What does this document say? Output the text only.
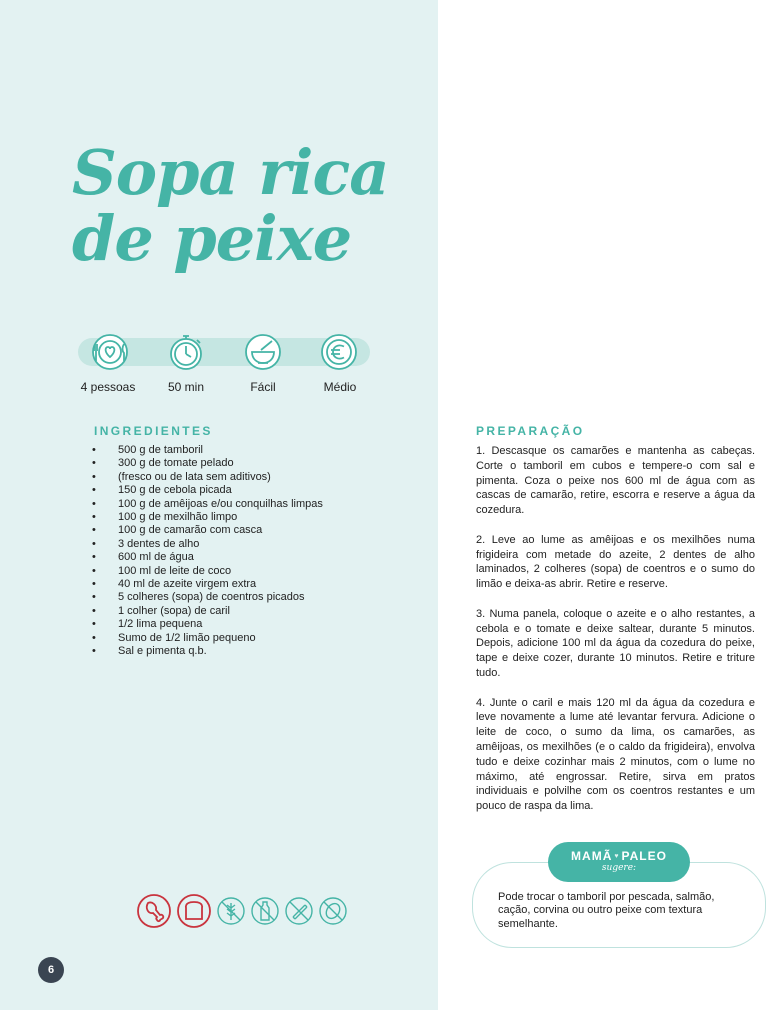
Sopa rica
de peixe
4 pessoas	50 min	Fácil	Médio
INGREDIENTES
• 500 g de tamboril
• 300 g de tomate pelado
• (fresco ou de lata sem aditivos)
• 150 g de cebola picada
• 100 g de amêijoas e/ou conquilhas limpas
• 100 g de mexilhão limpo
• 100 g de camarão com casca
• 3 dentes de alho
• 600 ml de água
• 100 ml de leite de coco
• 40 ml de azeite virgem extra
• 5 colheres (sopa) de coentros picados
• 1 colher (sopa) de caril
• 1/2 lima pequena
• Sumo de 1/2 limão pequeno
• Sal e pimenta q.b.
PREPARAÇÃO

1. Descasque os camarões e mantenha as cabeças. Corte o tamboril em cubos e tempere-o com sal e pimenta. Coza o peixe nos 600 ml de água com as cascas de camarão, retire, escorra e reserve a água da cozedura.

2. Leve ao lume as amêijoas e os mexilhões numa frigideira com metade do azeite, 2 dentes de alho laminados, 2 colheres (sopa) de coentros e o sumo do limão e deixa-as abrir. Retire e reserve.

3. Numa panela, coloque o azeite e o alho restantes, a cebola e o tomate e deixe saltear, durante 5 minutos. Depois, adicione 100 ml da água da cozedura do peixe, tape e deixe cozer, durante 10 minutos. Retire e triture tudo.

4. Junte o caril e mais 120 ml da água da cozedura e leve novamente a lume até levantar fervura. Adicione o leite de coco, o sumo da lima, os camarões, as amêijoas, os mexilhões (e o caldo da frigideira), envolva tudo e deixe cozinhar mais 2 minutos, com o lume no máximo, até engrossar. Retire, sirva em pratos individuais e polvilhe com os coentros restantes e um pouco de raspa da lima.

6
MAMÃ ♥ PALEO
sugere:
Pode trocar o tamboril por pescada, salmão, cação, corvina ou outro peixe com textura semelhante.
